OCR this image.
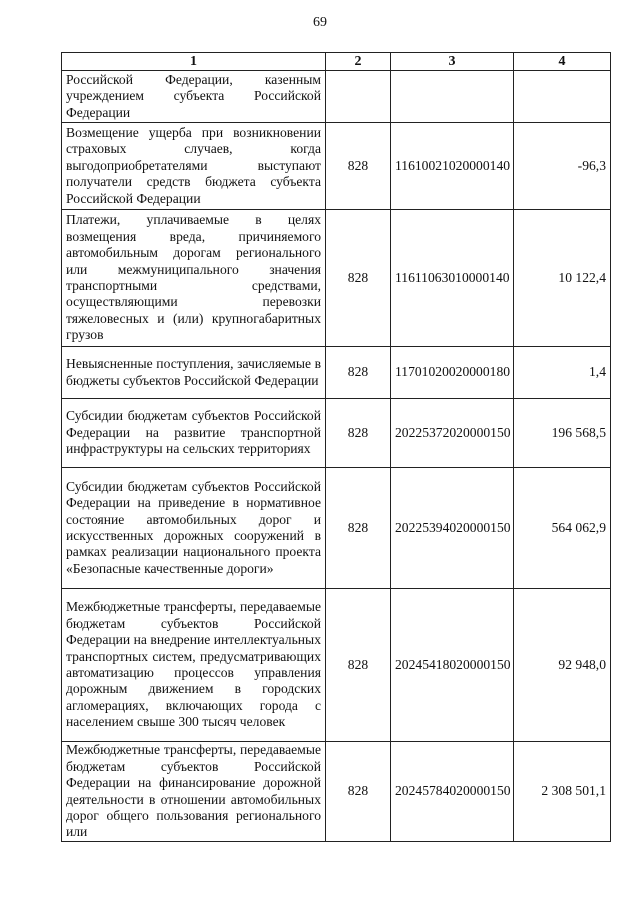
69
1	2	3	4
Российской Федерации, казенным учреждением субъекта Российской Федерации			
Возмещение ущерба при возникновении страховых случаев, когда выгодоприобретателями выступают получатели средств бюджета субъекта Российской Федерации	828	11610021020000140	-96,3
Платежи, уплачиваемые в целях возмещения вреда, причиняемого автомобильным дорогам регионального или межмуниципального значения транспортными средствами, осуществляющими перевозки тяжеловесных и (или) крупногабаритных грузов	828	11611063010000140	10 122,4
Невыясненные поступления, зачисляемые в бюджеты субъектов Российской Федерации	828	11701020020000180	1,4
Субсидии бюджетам субъектов Российской Федерации на развитие транспортной инфраструктуры на сельских территориях	828	20225372020000150	196 568,5
Субсидии бюджетам субъектов Российской Федерации на приведение в нормативное состояние автомобильных дорог и искусственных дорожных сооружений в рамках реализации национального проекта «Безопасные качественные дороги»	828	20225394020000150	564 062,9
Межбюджетные трансферты, передаваемые бюджетам субъектов Российской Федерации на внедрение интеллектуальных транспортных систем, предусматривающих автоматизацию процессов управления дорожным движением в городских агломерациях, включающих города с населением свыше 300 тысяч человек	828	20245418020000150	92 948,0
Межбюджетные трансферты, передаваемые бюджетам субъектов Российской Федерации на финансирование дорожной деятельности в отношении автомобильных дорог общего пользования регионального или	828	20245784020000150	2 308 501,1
